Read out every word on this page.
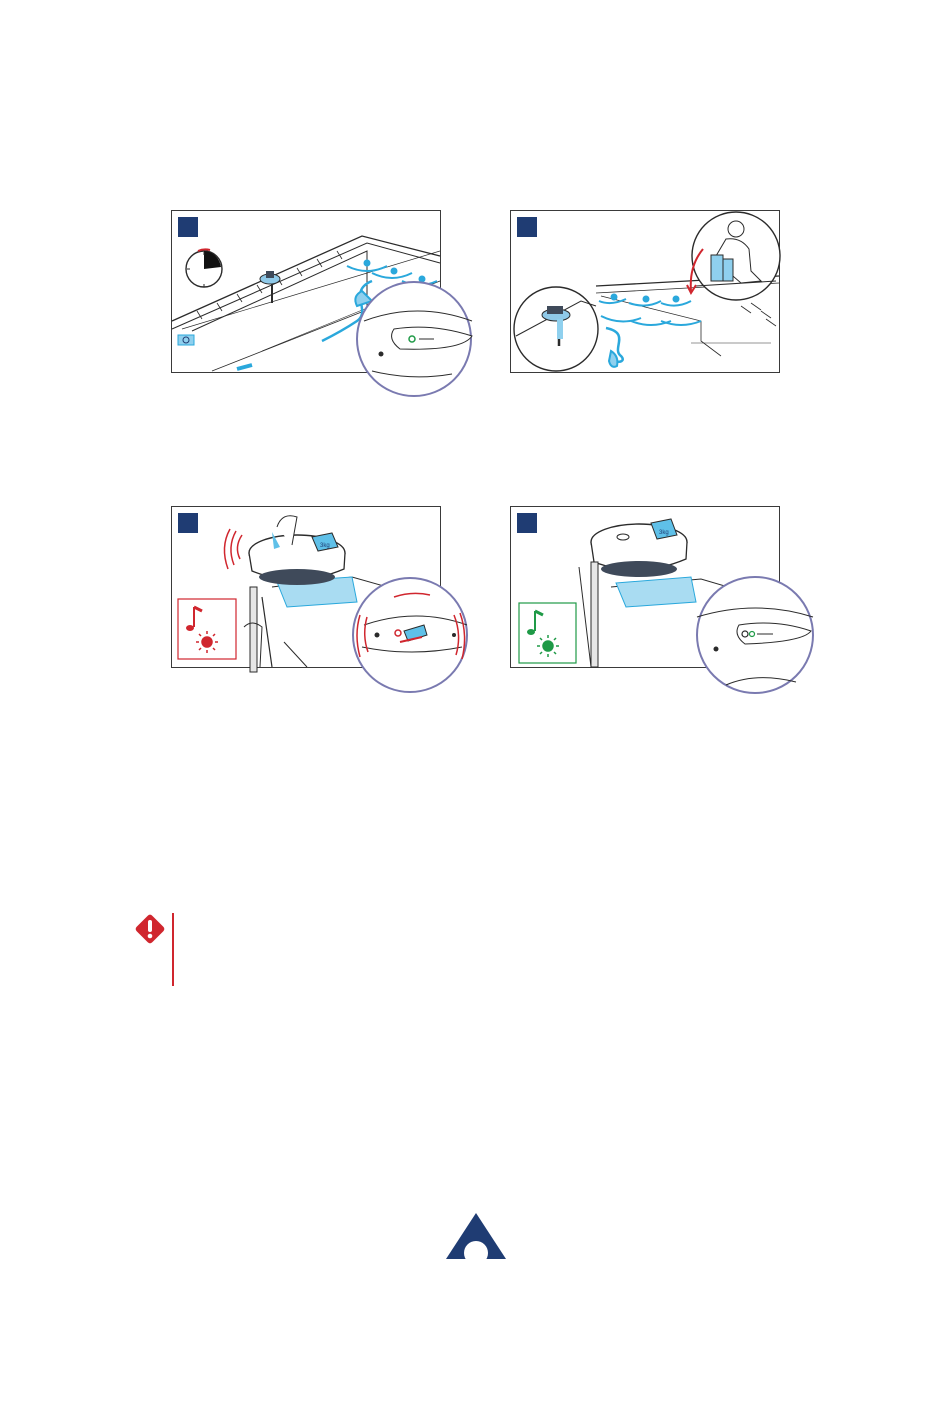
3kg
3kg
